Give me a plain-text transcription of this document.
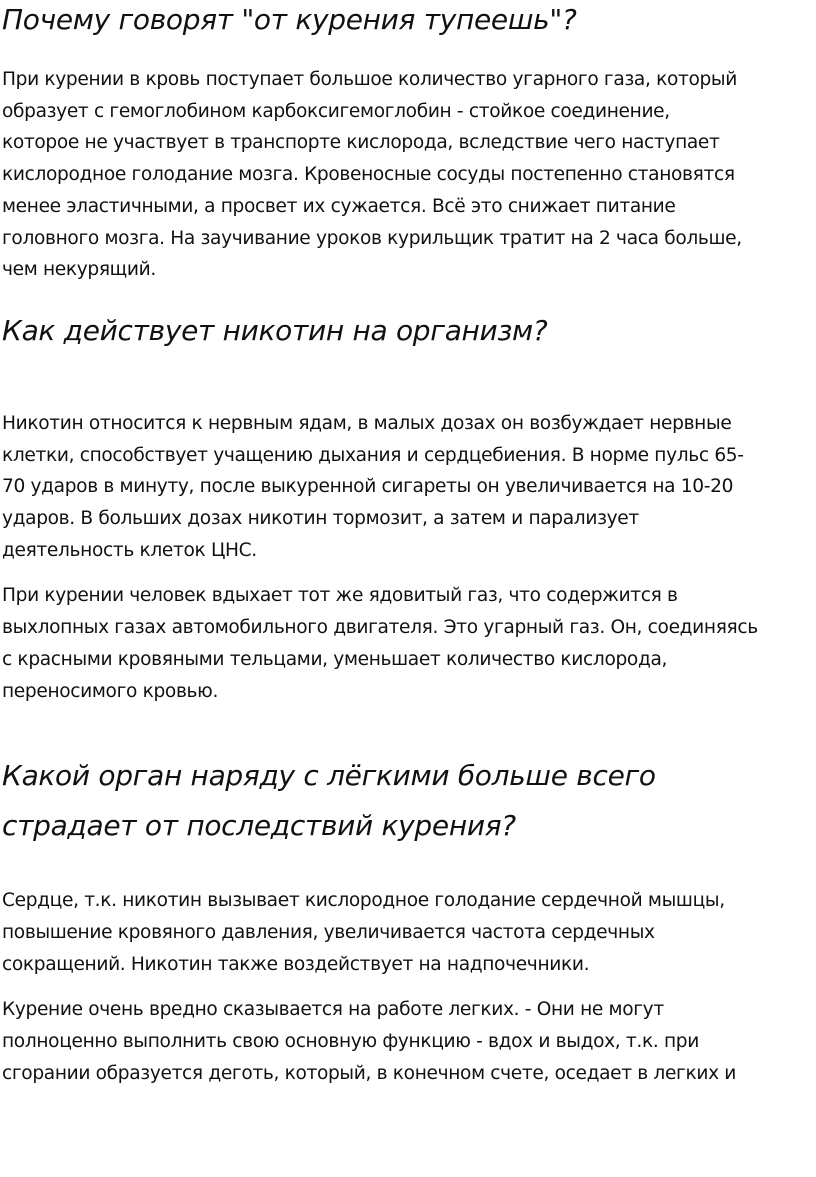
Почему говорят "от курения тупеешь"?

При курении в кровь поступает большое количество угарного газа, который
образует с гемоглобином карбоксигемоглобин - стойкое соединение,
которое не участвует в транспорте кислорода, вследствие чего наступает
кислородное голодание мозга. Кровеносные сосуды постепенно становятся
менее эластичными, а просвет их сужается. Всё это снижает питание
головного мозга. На заучивание уроков курильщик тратит на 2 часа больше,
чем некурящий.

Как действует никотин на организм?

Никотин относится к нервным ядам, в малых дозах он возбуждает нервные
клетки, способствует учащению дыхания и сердцебиения. В норме пульс 65-
70 ударов в минуту, после выкуренной сигареты он увеличивается на 10-20
ударов. В больших дозах никотин тормозит, а затем и парализует
деятельность клеток ЦНС.

При курении человек вдыхает тот же ядовитый газ, что содержится в
выхлопных газах автомобильного двигателя. Это угарный газ. Он, соединяясь
с красными кровяными тельцами, уменьшает количество кислорода,
переносимого кровью.

Какой орган наряду с лёгкими больше всего
страдает от последствий курения?

Сердце, т.к. никотин вызывает кислородное голодание сердечной мышцы,
повышение кровяного давления, увеличивается частота сердечных
сокращений. Никотин также воздействует на надпочечники.

Курение очень вредно сказывается на работе легких. - Они не могут
полноценно выполнить свою основную функцию - вдох и выдох, т.к. при
сгорании образуется деготь, который, в конечном счете, оседает в легких и
